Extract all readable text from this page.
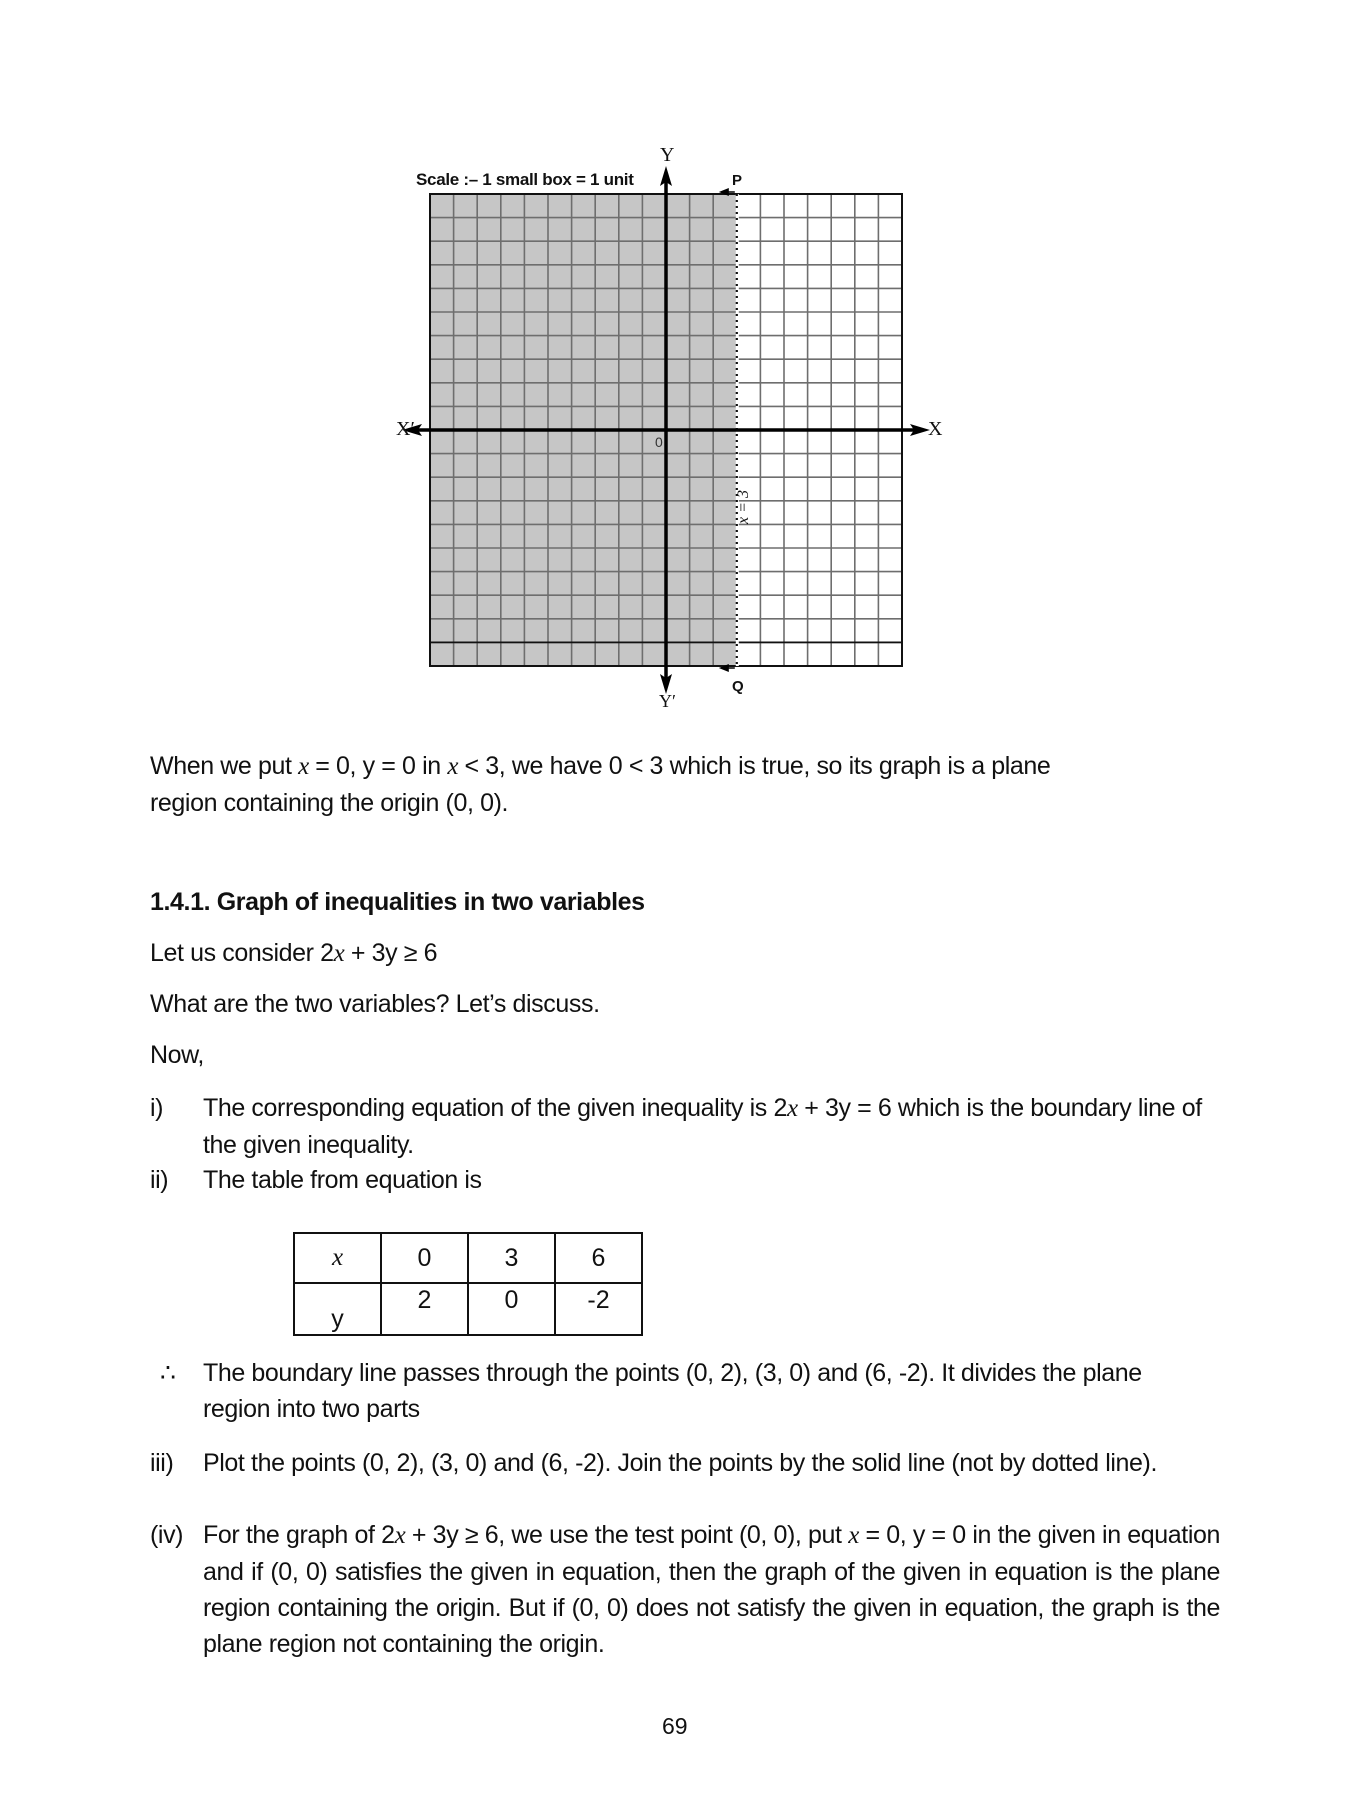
Scale :– 1 small box = 1 unit
Y
Y′
X′	X
0
P
Q
x = 3
When we put x = 0, y = 0 in x < 3, we have 0 < 3 which is true, so its graph is a plane
region containing the origin (0, 0).
1.4.1. Graph of inequalities in two variables
Let us consider 2x + 3y ≥ 6
What are the two variables? Let’s discuss.
Now,
i) The corresponding equation of the given inequality is 2x + 3y = 6 which is the boundary line of the given inequality.
ii) The table from equation is
x	0	3	6
y	2	0	-2
∴ The boundary line passes through the points (0, 2), (3, 0) and (6, -2). It divides the plane region into two parts
iii) Plot the points (0, 2), (3, 0) and (6, -2). Join the points by the solid line (not by dotted line).
(iv) For the graph of 2x + 3y ≥ 6, we use the test point (0, 0), put x = 0, y = 0 in the given in equation and if (0, 0) satisfies the given in equation, then the graph of the given in equation is the plane region containing the origin. But if (0, 0) does not satisfy the given in equation, the graph is the plane region not containing the origin.
69
